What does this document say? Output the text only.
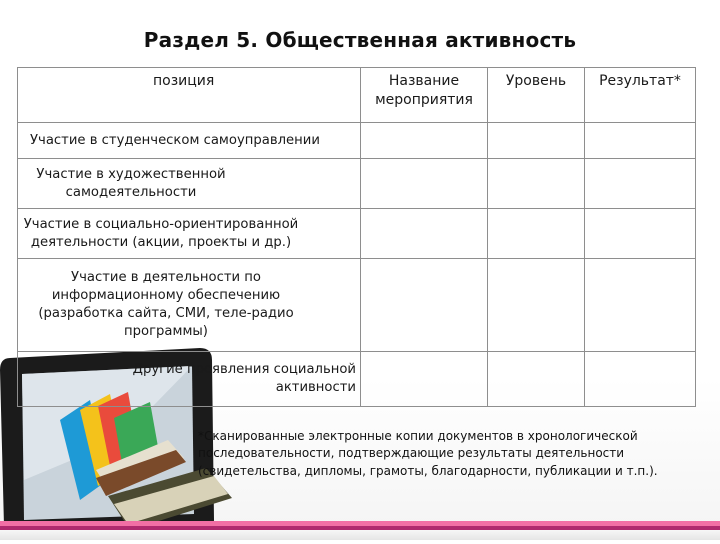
Раздел 5. Общественная активность
позиция	Название мероприятия	Уровень	Результат*
Участие в студенческом самоуправлении			
Участие в художественной самодеятельности			
Участие в социально-ориентированной деятельности (акции, проекты и др.)			
Участие в деятельности по информационному обеспечению (разработка сайта, СМИ, теле-радио программы)			
Другие проявления социальной активности			
*Сканированные электронные копии документов в хронологической последовательности, подтверждающие результаты деятельности (свидетельства, дипломы, грамоты, благодарности, публикации и т.п.).
